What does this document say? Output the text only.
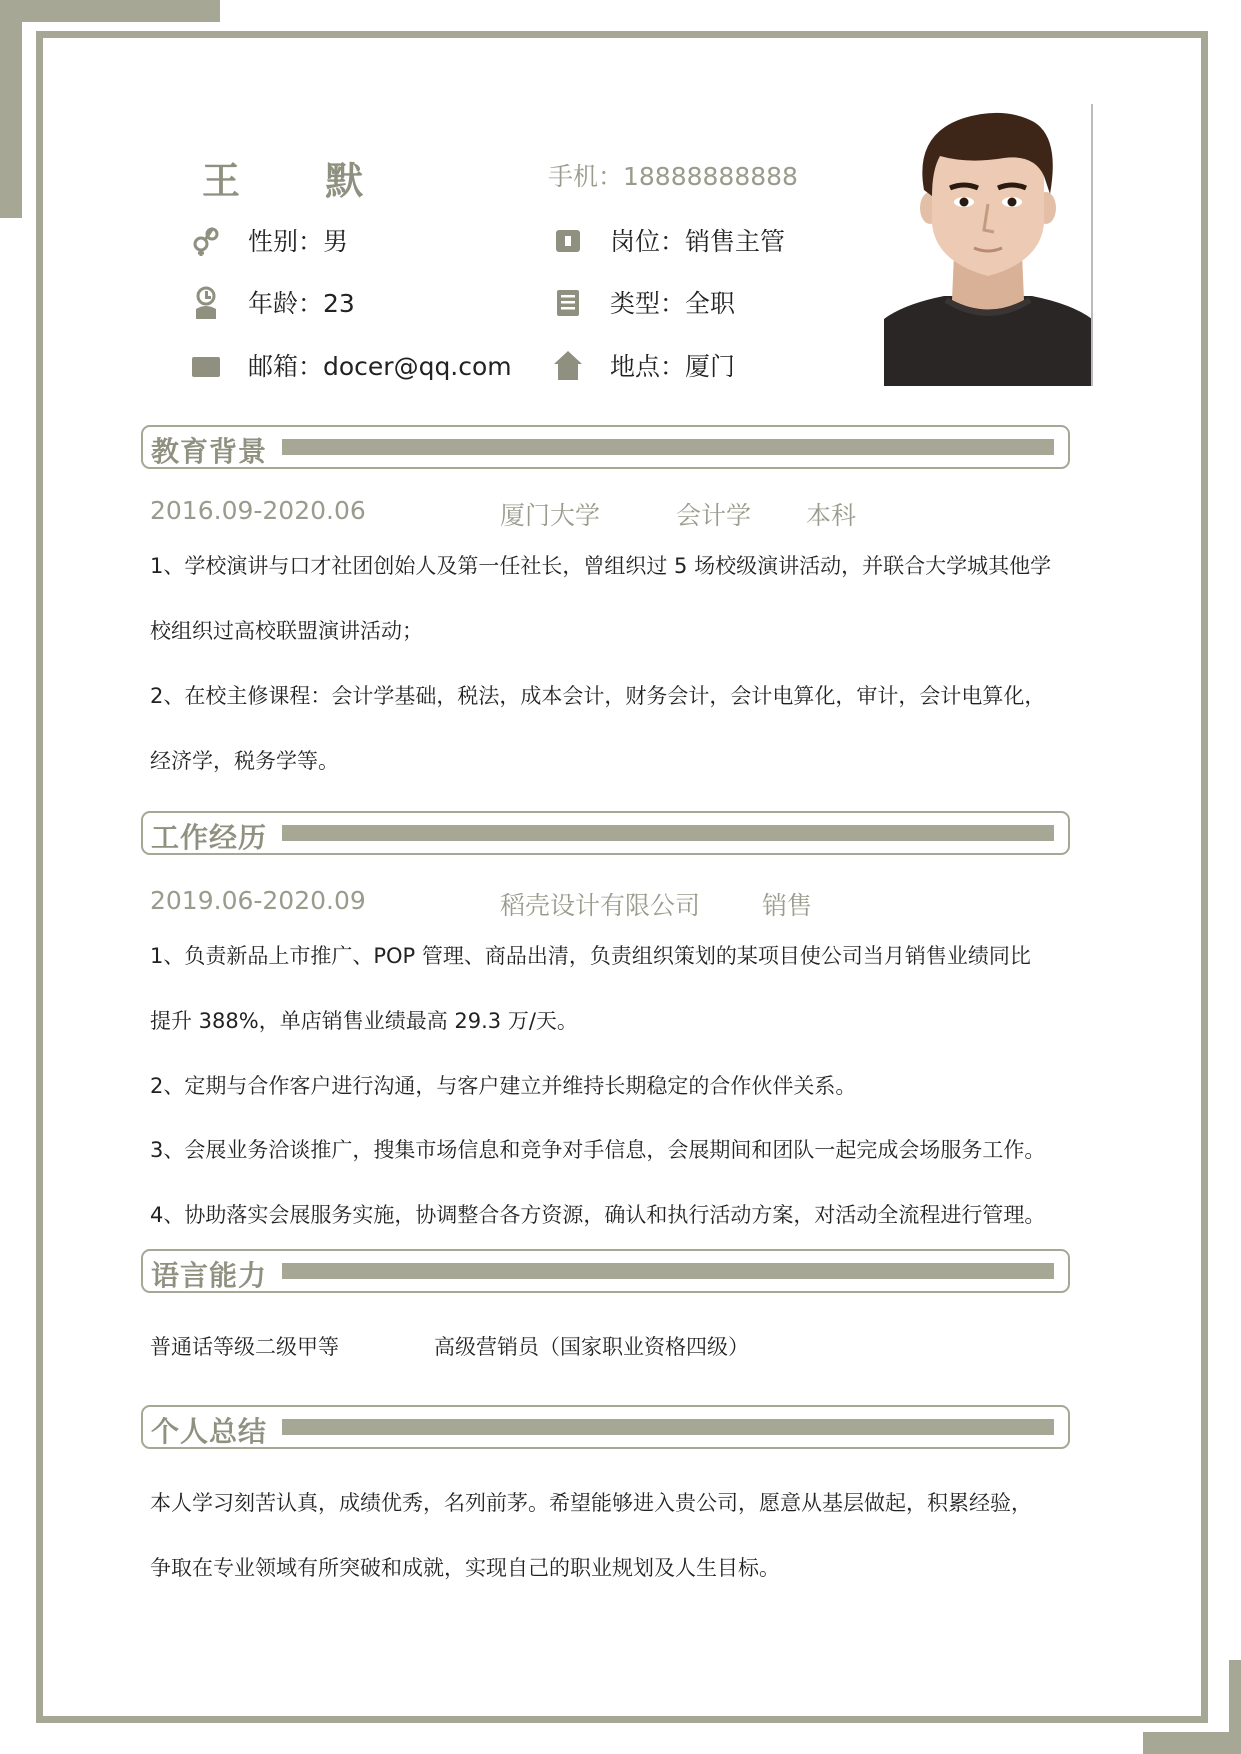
王 默	手机：18888888888
性别：男
年龄：23
邮箱：docer@qq.com
岗位：销售主管
类型：全职
地点：厦门
教育背景
2016.09-2020.06	厦门大学	会计学 本科
1、学校演讲与口才社团创始人及第一任社长，曾组织过 5 场校级演讲活动，并联合大学城其他学
校组织过高校联盟演讲活动；
2、在校主修课程：会计学基础，税法，成本会计，财务会计，会计电算化，审计，会计电算化，
经济学，税务学等。
工作经历
2019.06-2020.09	稻壳设计有限公司 销售
1、负责新品上市推广、POP 管理、商品出清，负责组织策划的某项目使公司当月销售业绩同比
提升 388%，单店销售业绩最高 29.3 万/天。
2、定期与合作客户进行沟通，与客户建立并维持长期稳定的合作伙伴关系。
3、会展业务洽谈推广，搜集市场信息和竞争对手信息，会展期间和团队一起完成会场服务工作。
4、协助落实会展服务实施，协调整合各方资源，确认和执行活动方案，对活动全流程进行管理。
语言能力
普通话等级二级甲等	高级营销员（国家职业资格四级）
个人总结
本人学习刻苦认真，成绩优秀，名列前茅。希望能够进入贵公司，愿意从基层做起，积累经验，
争取在专业领域有所突破和成就，实现自己的职业规划及人生目标。
